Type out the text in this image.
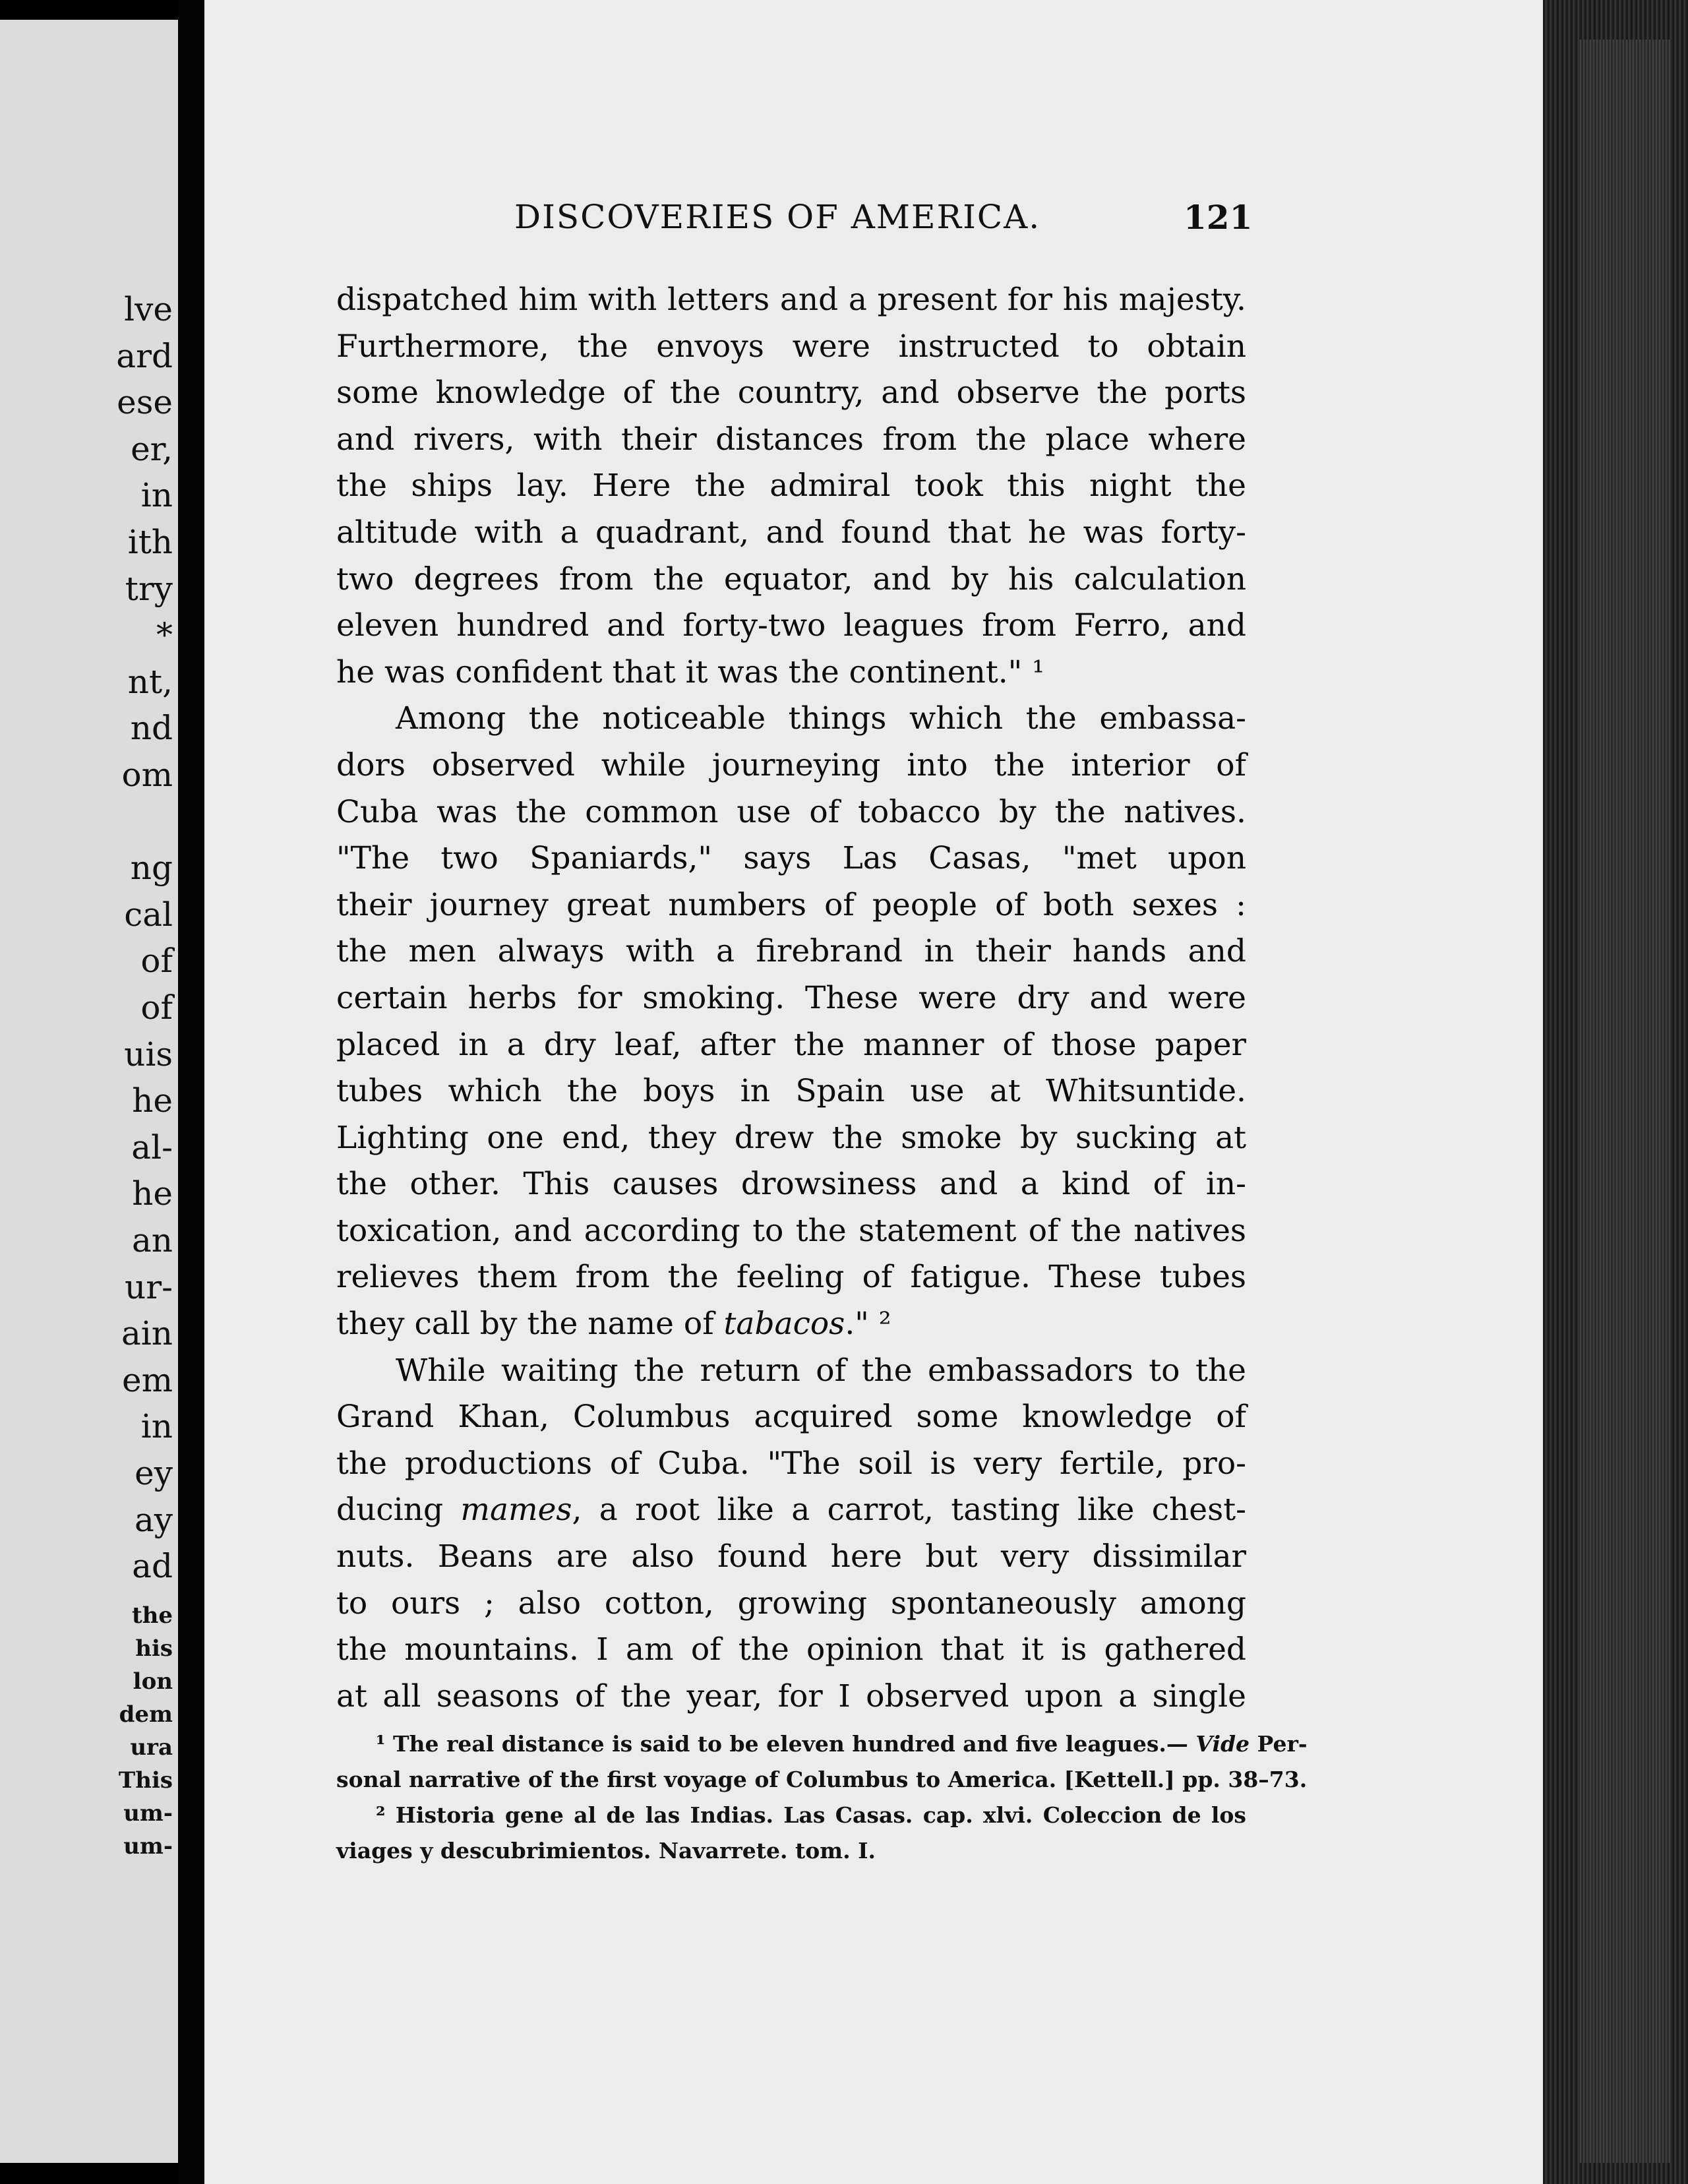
lve
ard
ese
er,
in
ith
try
*
nt,
nd
om
ng
cal
of
of
uis
he
al-
he
an
ur-
ain
em
in
ey
ay
ad
the
his
lon
dem
ura
This
um-
um-
DISCOVERIES OF AMERICA.	121
dispatched him with letters and a present for his majesty.
Furthermore, the envoys were instructed to obtain
some knowledge of the country, and observe the ports
and rivers, with their distances from the place where
the ships lay. Here the admiral took this night the
altitude with a quadrant, and found that he was forty-
two degrees from the equator, and by his calculation
eleven hundred and forty-two leagues from Ferro, and
he was confident that it was the continent." ¹
Among the noticeable things which the embassa-
dors observed while journeying into the interior of
Cuba was the common use of tobacco by the natives.
"The two Spaniards," says Las Casas, "met upon
their journey great numbers of people of both sexes :
the men always with a firebrand in their hands and
certain herbs for smoking. These were dry and were
placed in a dry leaf, after the manner of those paper
tubes which the boys in Spain use at Whitsuntide.
Lighting one end, they drew the smoke by sucking at
the other. This causes drowsiness and a kind of in-
toxication, and according to the statement of the natives
relieves them from the feeling of fatigue. These tubes
they call by the name of tabacos." ²
While waiting the return of the embassadors to the
Grand Khan, Columbus acquired some knowledge of
the productions of Cuba. "The soil is very fertile, pro-
ducing mames, a root like a carrot, tasting like chest-
nuts. Beans are also found here but very dissimilar
to ours ; also cotton, growing spontaneously among
the mountains. I am of the opinion that it is gathered
at all seasons of the year, for I observed upon a single
¹ The real distance is said to be eleven hundred and five leagues.— Vide Per-
sonal narrative of the first voyage of Columbus to America. [Kettell.] pp. 38–73.
² Historia gene al de las Indias. Las Casas. cap. xlvi. Coleccion de los
viages y descubrimientos. Navarrete. tom. I.
